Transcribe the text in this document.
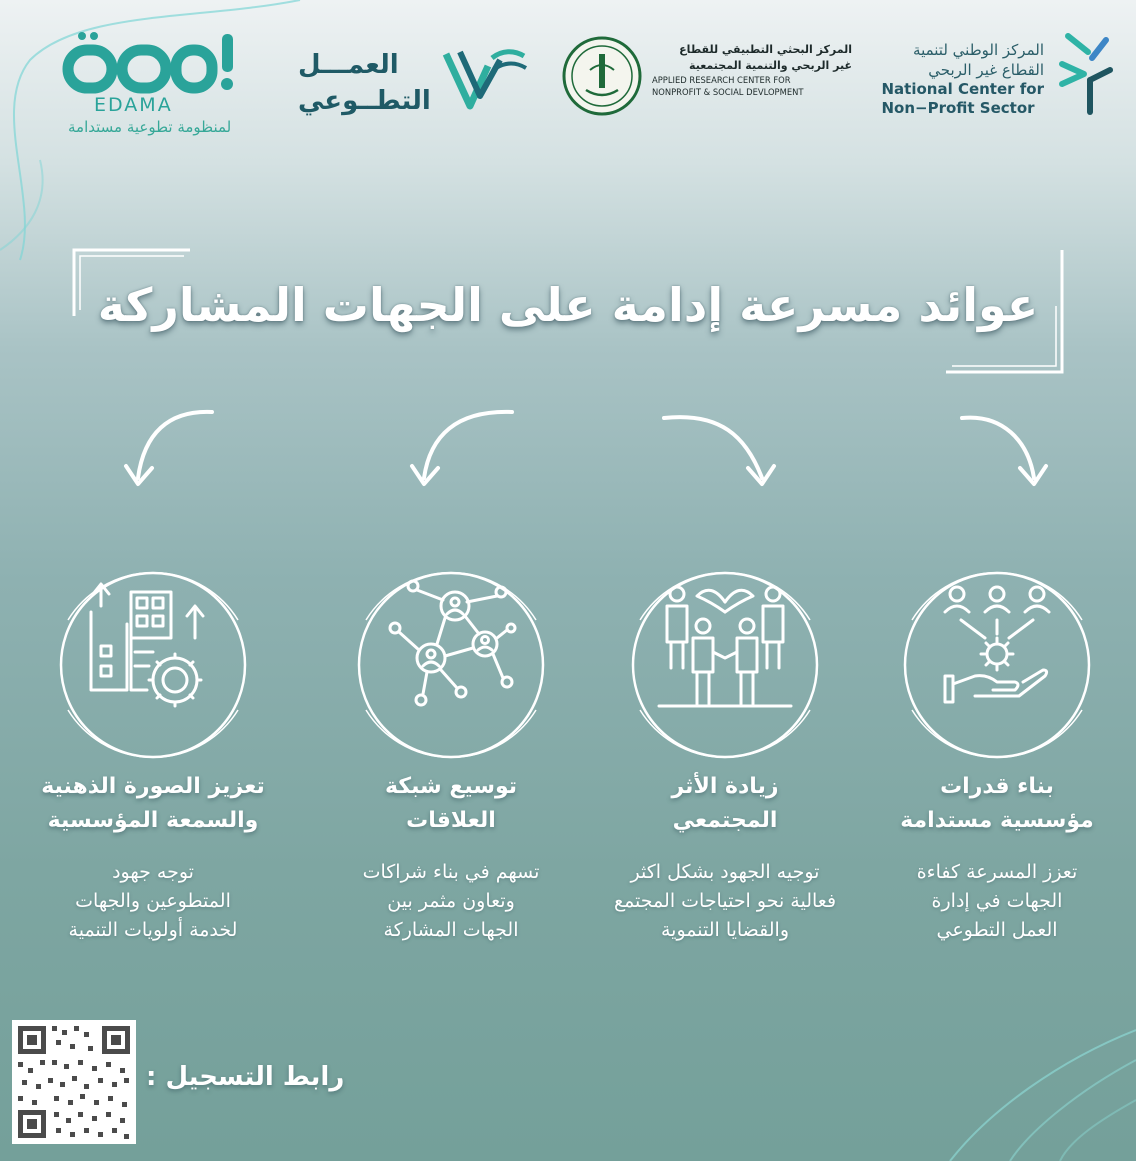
المركز الوطني لتنمية
القطاع غير الربحي
National Center for
Non−Profit Sector
المركز البحثي التطبيقي للقطاع
غير الربحي والتنمية المجتمعية
APPLIED RESEARCH CENTER FOR
NONPROFIT & SOCIAL DEVLOPMENT
العمـــل
التطــوعي
EDAMA
لمنظومة تطوعية مستدامة
عوائد مسرعة إدامة على الجهات المشاركة
بناء قدرات
مؤسسية مستدامة
تعزز المسرعة كفاءة
الجهات في إدارة
العمل التطوعي
زيادة الأثر
المجتمعي
توجيه الجهود بشكل اكثر
فعالية نحو احتياجات المجتمع
والقضايا التنموية
توسيع شبكة
العلاقات
تسهم في بناء شراكات
وتعاون مثمر بين
الجهات المشاركة
تعزيز الصورة الذهنية
والسمعة المؤسسية
توجه جهود
المتطوعين والجهات
لخدمة أولويات التنمية
رابط التسجيل :
